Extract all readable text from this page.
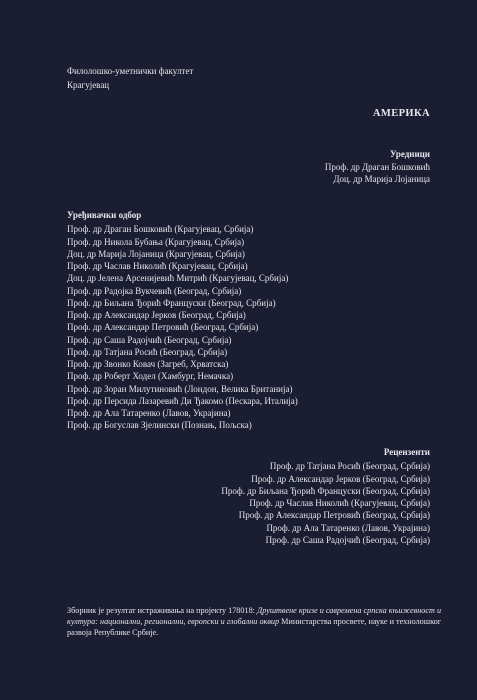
Филолошко-уметнички факултет
Крагујевац
АМЕРИКА
Уредници
Проф. др Драган Бошковић
Доц. др Марија Лојаница
Уређивачки одбор
Проф. др Драган Бошковић (Крагујевац, Србија)
Проф. др Никола Бубања (Крагујевац, Србија)
Доц. др Марија Лојаница (Крагујевац, Србија)
Проф. др Часлав Николић (Крагујевац, Србија)
Доц. др Јелена Арсенијевић Митрић (Крагујевац, Србија)
Проф. др Радојка Вукчевић (Београд, Србија)
Проф. др Биљана Ђорић Француски (Београд, Србија)
Проф. др Александар Јерков (Београд, Србија)
Проф. др Александар Петровић (Београд, Србија)
Проф. др Саша Радојчић (Београд, Србија)
Проф. др Татјана Росић (Београд, Србија)
Проф. др Звонко Ковач (Загреб, Хрватска)
Проф. др Роберт Ходел (Хамбург, Немачка)
Проф. др Зоран Милутиновић (Лондон, Велика Британија)
Проф. др Персида Лазаревић Ди Ђакомо (Пескара, Италија)
Проф. др Ала Татаренко (Лавов, Украјина)
Проф. др Богуслав Зјелински (Познањ, Пољска)
Рецензенти
Проф. др Татјана Росић (Београд, Србија)
Проф. др Александар Јерков (Београд, Србија)
Проф. др Биљана Ђорић Француски (Београд, Србија)
Проф. др Часлав Николић (Крагујевац, Србија)
Проф. др Александар Петровић (Београд, Србија)
Проф. др Ала Татаренко (Лавов, Украјина)
Проф. др Саша Радојчић (Београд, Србија)
Зборник је резултат истраживања на пројекту 178018: Друштвене кризе и савремена српска књижевност и култура: национални, регионални, европски и глобални оквир Министарства просвете, науке и технолошког развоја Републике Србије.
